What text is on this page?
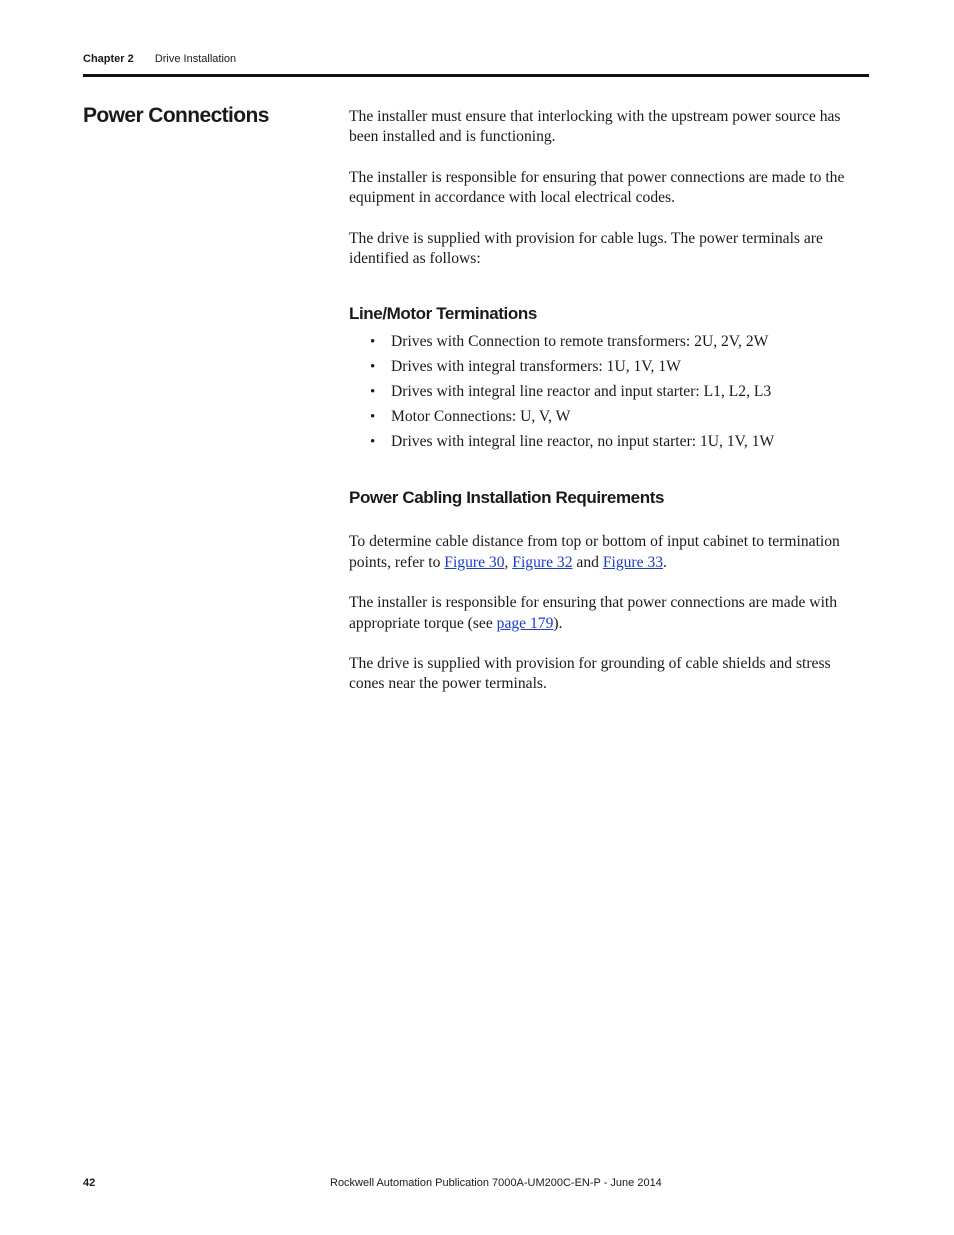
Chapter 2 Drive Installation
Power Connections	The installer must ensure that interlocking with the upstream power source has been installed and is functioning.

The installer is responsible for ensuring that power connections are made to the equipment in accordance with local electrical codes.

The drive is supplied with provision for cable lugs. The power terminals are identified as follows:

Line/Motor Terminations
• Drives with Connection to remote transformers: 2U, 2V, 2W
• Drives with integral transformers: 1U, 1V, 1W
• Drives with integral line reactor and input starter: L1, L2, L3
• Motor Connections: U, V, W
• Drives with integral line reactor, no input starter: 1U, 1V, 1W
Power Cabling Installation Requirements

To determine cable distance from top or bottom of input cabinet to termination points, refer to Figure 30, Figure 32 and Figure 33.

The installer is responsible for ensuring that power connections are made with appropriate torque (see page 179).

The drive is supplied with provision for grounding of cable shields and stress cones near the power terminals.

42	Rockwell Automation Publication 7000A-UM200C-EN-P - June 2014
